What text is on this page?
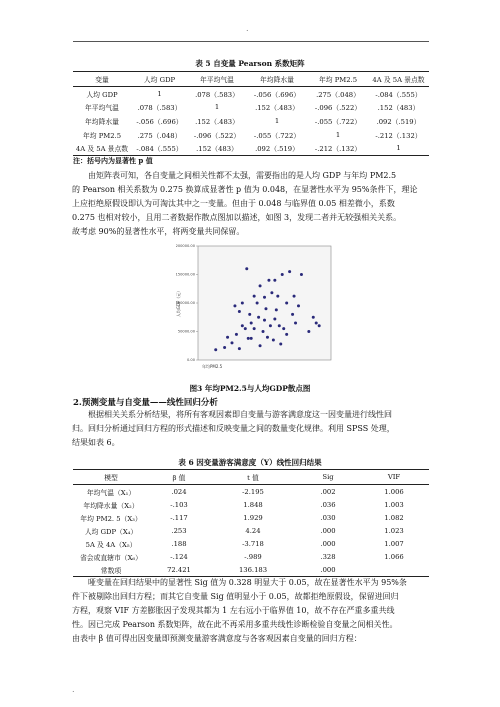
.
表 5 自变量 Pearson 系数矩阵
变量	人均 GDP	年平均气温	年均降水量	年均 PM2.5	4A 及 5A 景点数
人均 GDP	1	.078（.583）	-.056（.696）	.275（.048）	-.084（.555）
年平均气温	.078（.583）	1	.152（.483）	-.096（.522）	.152（483）
年均降水量	-.056（.696）	.152（.483）	1	-.055（.722）	.092（.519）
年均 PM2.5	.275（.048）	-.096（.522）	-.055（.722）	1	-.212（.132）
4A 及 5A 景点数	-.084（.555）	.152（483）	.092（.519）	-.212（.132）	1
注：括号内为显著性 p 值

由矩阵表可知，各自变量之间相关性都不太强，需要指出的是人均 GDP 与年均 PM2.5
的 Pearson 相关系数为 0.275 换算成显著性 p 值为 0.048，在显著性水平为 95%条件下，理论
上应拒绝原假设即认为可淘汰其中之一变量。但由于 0.048 与临界值 0.05 相差微小，系数
0.275 也相对较小，且用二者数据作散点图加以描述，如图 3，发现二者并无较强相关关系。
故考虑 90%的显著性水平，将两变量共同保留。

0.00
50000.00
100000.00
150000.00
200000.00
年均PM2.5
人均GDP（元）
图3 年均PM2.5与人均GDP散点图
2.预测变量与自变量——线性回归分析

根据相关关系分析结果，将所有客观因素即自变量与游客满意度这一因变量进行线性回
归。回归分析通过回归方程的形式描述和反映变量之间的数量变化规律。利用 SPSS 处理，
结果如表 6。

表 6 因变量游客满意度（Y）线性回归结果
模型	β 值	t 值	Sig	VIF
年均气温（X₁）	.024	-2.195	.002	1.006
年均降水量（X₂）	-.103	1.848	.036	1.003
年均 PM2. 5（X₃）	-.117	1.929	.030	1.082
人均 GDP（X₄）	.253	4.24	.000	1.023
5A 及 4A（X₅）	.188	-3.718	.000	1.007
省会或直辖市（X₆）	-.124	-.989	.328	1.066
常数项	72.421	136.183	.000	

哑变量在回归结果中的显著性 Sig 值为 0.328 明显大于 0.05，故在显著性水平为 95%条
件下被剔除出回归方程；而其它自变量 Sig 值明显小于 0.05，故都拒绝原假设，保留进回归
方程，观察 VIF 方差膨胀因子发现其都为 1 左右远小于临界值 10，故不存在严重多重共线
性。因已完成 Pearson 系数矩阵，故在此不再采用多重共线性诊断检验自变量之间相关性。
由表中 β 值可得出因变量即预测变量游客满意度与各客观因素自变量的回归方程：

.
